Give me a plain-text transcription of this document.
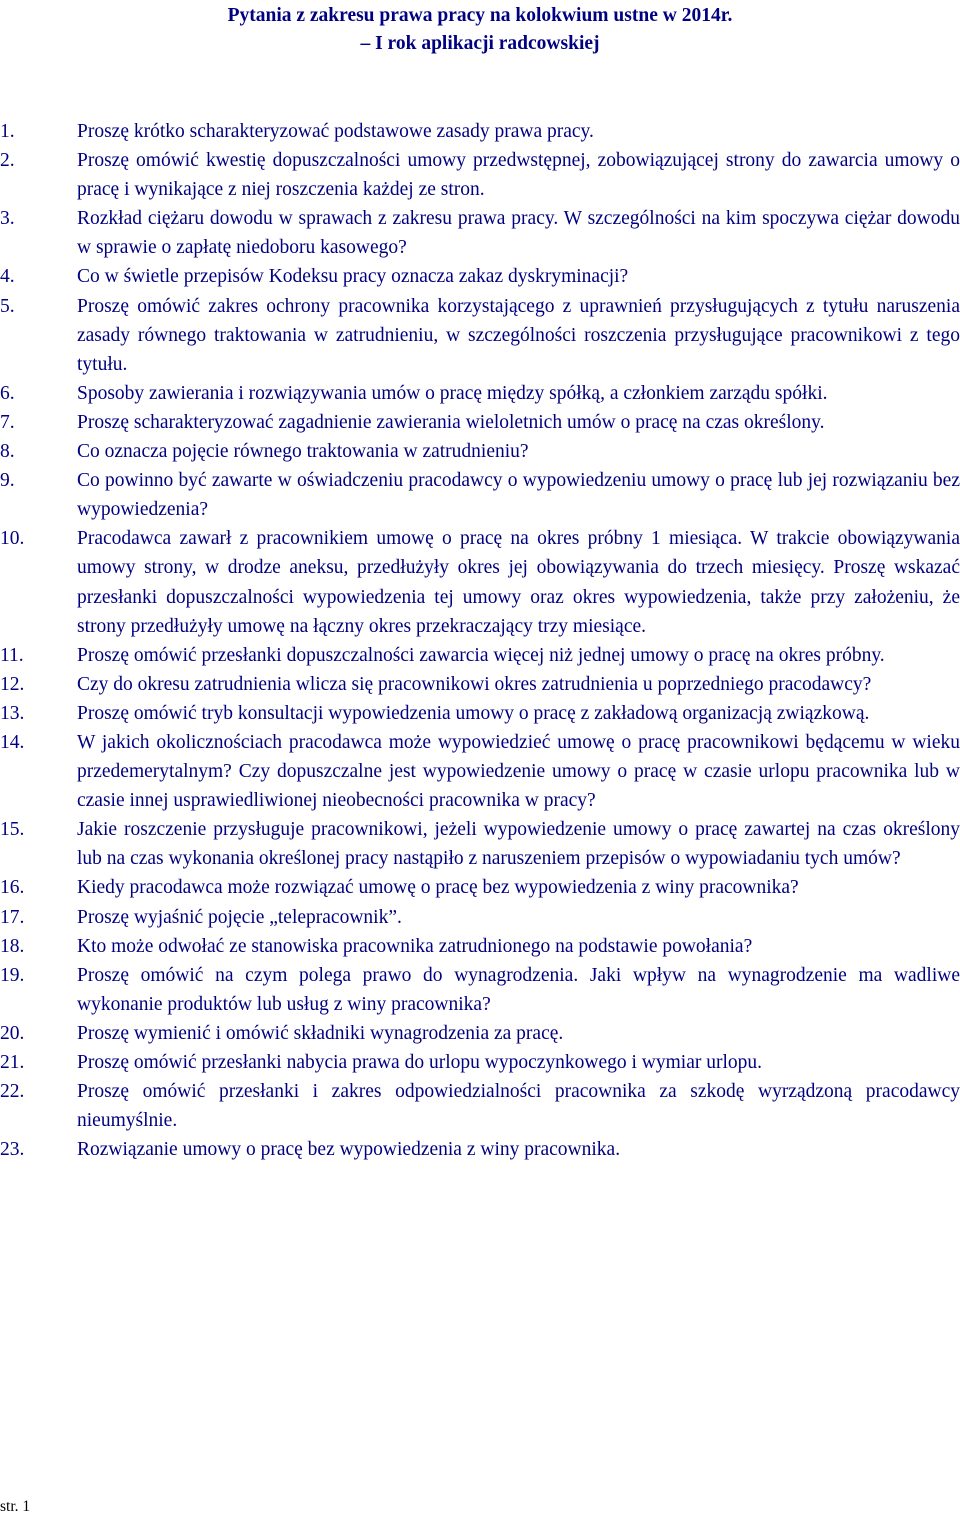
Pytania z zakresu prawa pracy na kolokwium ustne w 2014r.
– I rok aplikacji radcowskiej
1.	Proszę krótko scharakteryzować podstawowe zasady prawa pracy.
2.	Proszę omówić kwestię dopuszczalności umowy przedwstępnej, zobowiązującej strony do zawarcia umowy o pracę i wynikające z niej roszczenia każdej ze stron.
3.	Rozkład ciężaru dowodu w sprawach z zakresu prawa pracy. W szczególności na kim spoczywa ciężar dowodu w sprawie o zapłatę niedoboru kasowego?
4.	Co w świetle przepisów Kodeksu pracy oznacza zakaz dyskryminacji?
5.	Proszę omówić zakres ochrony pracownika korzystającego z uprawnień przysługujących z tytułu naruszenia zasady równego traktowania w zatrudnieniu, w szczególności roszczenia przysługujące pracownikowi z tego tytułu.
6.	Sposoby zawierania i rozwiązywania umów o pracę między spółką, a członkiem zarządu spółki.
7.	Proszę scharakteryzować zagadnienie zawierania wieloletnich umów o pracę na czas określony.
8.	Co oznacza pojęcie równego traktowania w zatrudnieniu?
9.	Co powinno być zawarte w oświadczeniu pracodawcy o wypowiedzeniu umowy o pracę lub jej rozwiązaniu bez wypowiedzenia?
10.	Pracodawca zawarł z pracownikiem umowę o pracę na okres próbny 1 miesiąca. W trakcie obowiązywania umowy strony, w drodze aneksu, przedłużyły okres jej obowiązywania do trzech miesięcy. Proszę wskazać przesłanki dopuszczalności wypowiedzenia tej umowy oraz okres wypowiedzenia, także przy założeniu, że strony przedłużyły umowę na łączny okres przekraczający trzy miesiące.
11.	Proszę omówić przesłanki dopuszczalności zawarcia więcej niż jednej umowy o pracę na okres próbny.
12.	Czy do okresu zatrudnienia wlicza się pracownikowi okres zatrudnienia u poprzedniego pracodawcy?
13.	Proszę omówić tryb konsultacji wypowiedzenia umowy o pracę z zakładową organizacją związkową.
14.	W jakich okolicznościach pracodawca może wypowiedzieć umowę o pracę pracownikowi będącemu w wieku przedemerytalnym? Czy dopuszczalne jest wypowiedzenie umowy o pracę w czasie urlopu pracownika lub w czasie innej usprawiedliwionej nieobecności pracownika w pracy?
15.	Jakie roszczenie przysługuje pracownikowi, jeżeli wypowiedzenie umowy o pracę zawartej na czas określony lub na czas wykonania określonej pracy nastąpiło z naruszeniem przepisów o wypowiadaniu tych umów?
16.	Kiedy pracodawca może rozwiązać umowę o pracę bez wypowiedzenia z winy pracownika?
17.	Proszę wyjaśnić pojęcie „telepracownik”.
18.	Kto może odwołać ze stanowiska pracownika zatrudnionego na podstawie powołania?
19.	Proszę omówić na czym polega prawo do wynagrodzenia. Jaki wpływ na wynagrodzenie ma wadliwe wykonanie produktów lub usług z winy pracownika?
20.	Proszę wymienić i omówić składniki wynagrodzenia za pracę.
21.	Proszę omówić przesłanki nabycia prawa do urlopu wypoczynkowego i wymiar urlopu.
22.	Proszę omówić przesłanki i zakres odpowiedzialności pracownika za szkodę wyrządzoną pracodawcy nieumyślnie.
23.	Rozwiązanie umowy o pracę bez wypowiedzenia z winy pracownika.
str. 1
